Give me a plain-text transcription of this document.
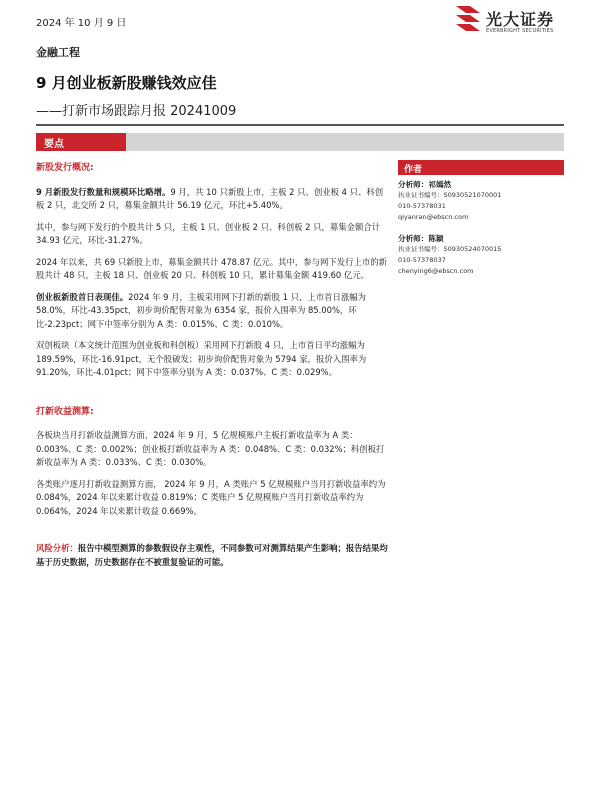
2024 年 10 月 9 日	光大证券
EVERBRIGHT SECURITIES
金融工程
9 月创业板新股赚钱效应佳
——打新市场跟踪月报 20241009
要点

新股发行概况:

9 月新股发行数量和规模环比略增。9 月，共 10 只新股上市，主板 2 只、创业板 4 只、科创板 2 只，北交所 2 只，募集金额共计 56.19 亿元，环比+5.40%。

其中，参与网下发行的个股共计 5 只，主板 1 只、创业板 2 只、科创板 2 只，募集金额合计 34.93 亿元，环比-31.27%。

2024 年以来，共 69 只新股上市，募集金额共计 478.87 亿元。其中，参与网下发行上市的新股共计 48 只，主板 18 只、创业板 20 只、科创板 10 只，累计募集金额 419.60 亿元。

创业板新股首日表现佳。2024 年 9 月，主板采用网下打新的新股 1 只，上市首日涨幅为 58.0%，环比-43.35pct，初步询价配售对象为 6354 家，报价入围率为 85.00%，环比-2.23pct；网下中签率分别为 A 类：0.015%、C 类：0.010%。

双创板块（本文统计范围为创业板和科创板）采用网下打新股 4 只，上市首日平均涨幅为 189.59%，环比-16.91pct，无个股破发；初步询价配售对象为 5794 家，报价入围率为 91.20%，环比-4.01pct；网下中签率分别为 A 类：0.037%、C 类：0.029%。

打新收益测算:

各板块当月打新收益测算方面，2024 年 9 月，5 亿规模账户主板打新收益率为 A 类：0.003%、C 类：0.002%；创业板打新收益率为 A 类：0.048%、C 类：0.032%；科创板打新收益率为 A 类：0.033%、C 类：0.030%。

各类账户逐月打新收益测算方面， 2024 年 9 月，A 类账户 5 亿规模账户当月打新收益率约为 0.084%，2024 年以来累计收益 0.819%；C 类账户 5 亿规模账户当月打新收益率约为 0.064%，2024 年以来累计收益 0.669%。

风险分析：报告中模型测算的参数假设存主观性，不同参数可对测算结果产生影响；报告结果均基于历史数据，历史数据存在不被重复验证的可能。

作者
分析师：祁嫣然
执业证书编号：S0930521070001
010-57378031
qiyanran@ebscn.com
分析师：陈颖
执业证书编号：S0930524070015
010-57378037
chenying6@ebscn.com
